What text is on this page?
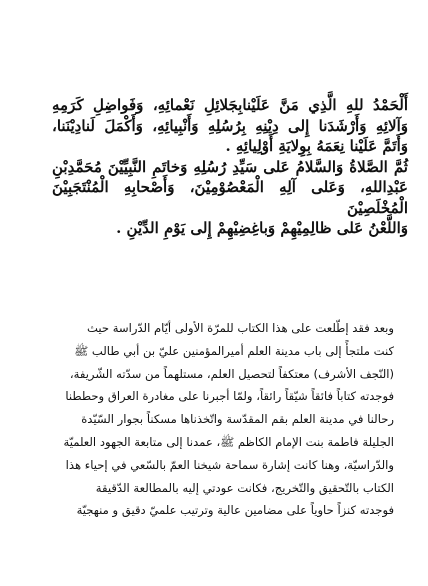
أَلْحَمْدُ للهِ الَّذِي مَنَّ عَلَيْنابِجَلائِلِ نَعْمائِهِ، وَفَواضِلِ كَرَمِهِ وَآلائِهِ وَأَرْشَدَنا إِلى دِيْنِهِ بِرُسُلِهِ وَأَنْبِيائِهِ، وَأَكْمَلَ لَنادِيْنَنا، وَأَتَمَّ عَلَيْنا نِعَمَهُ بِوِلايَةِ أَوْلِيائِهِ .

ثُمَّ الصَّلاةُ وَالسَّلامُ عَلى سَيِّدِ رُسُلِهِ وَخاتَمِ النَّبِيِّيْنَ مُحَمَّدِبْنِ عَبْدِاللهِ، وَعَلى آلِهِ الْمَعْصُوْمِيْنَ، وَأَصْحابِهِ الْمُنْتَجَبِيْنَ الْمُخْلَصِيْنَ

وَاللَّعْنُ عَلى ظالِمِيْهِمْ وَباغِضِيْهِمْ إِلى يَوْمِ الدِّيْنِ .

وبعد فقد إطّلعت على هذا الكتاب للمرّة الأولى أيّام الدّراسة حيث
كنت ملتجأً إلى باب مدينة العلم أميرالمؤمنين عليّ بن أبي طالب ﷺ
(النّجف الأشرف) معتكفاً لتحصيل العلم، مستلهماً من سدّته الشّريفة،
فوجدته كتاباً فائقاً شيّقاً رائقاً، ولمّا أجبرنا على مغادرة العراق وحططنا
رحالنا في مدينة العلم بقم المقدّسة واتّخذناها مسكناً بجوار السّيّدة
الجليلة فاطمة بنت الإمام الكاظم ﷺ، عمدنا إلى متابعة الجهود العلميّة
والدّراسيّة، وهنا كانت إشارة سماحة شيخنا العمّ بالسّعي في إحياء هذا
الكتاب بالتّحقيق والتّخريج، فكانت عودتي إليه بالمطالعة الدّقيقة
فوجدته كنزاً حاوياً على مضامين عالية وترتيب علميّ دقيق و منهجيّة
